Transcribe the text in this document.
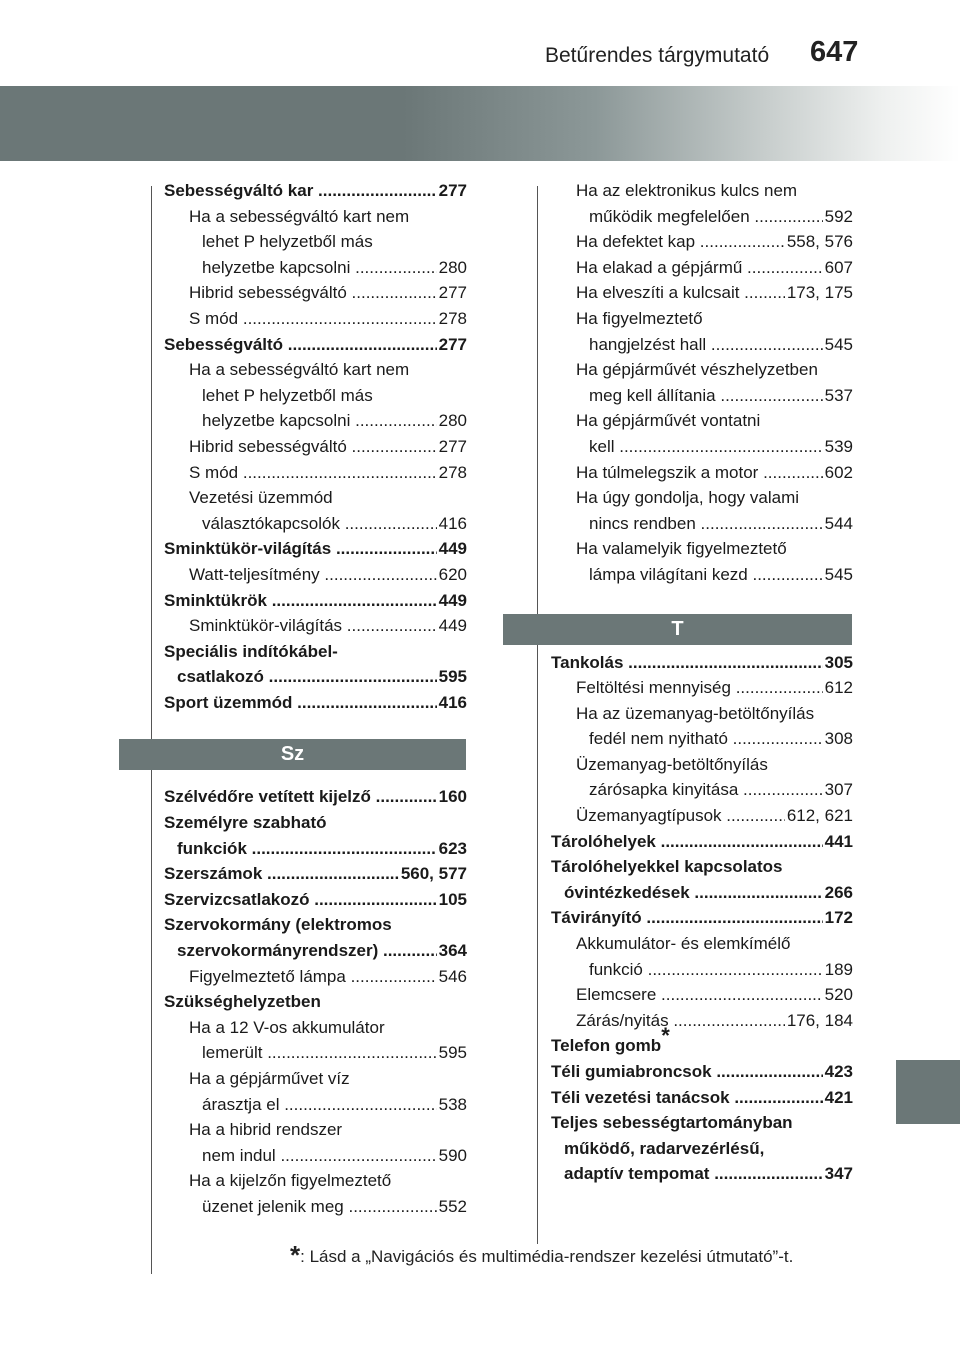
Betűrendes tárgymutató 647
Sebességváltó kar .....	277
Ha a sebességváltó kart nem
lehet P helyzetből más
helyzetbe kapcsolni .....	280
Hibrid sebességváltó .....	277
S mód .....	278
Sebességváltó .....	277
Ha a sebességváltó kart nem
lehet P helyzetből más
helyzetbe kapcsolni .....	280
Hibrid sebességváltó .....	277
S mód .....	278
Vezetési üzemmód
választókapcsolók .....	416
Sminktükör-világítás .....	449
Watt-teljesítmény .....	620
Sminktükrök .....	449
Sminktükör-világítás .....	449
Speciális indítókábel-
csatlakozó .....	595
Sport üzemmód .....	416
Sz
Szélvédőre vetített kijelző .....	160
Személyre szabható
funkciók .....	623
Szerszámok .....	560, 577
Szervizcsatlakozó .....	105
Szervokormány (elektromos
szervokormányrendszer) .....	364
Figyelmeztető lámpa .....	546
Szükséghelyzetben
Ha a 12 V-os akkumulátor
lemerült .....	595
Ha a gépjárművet víz
árasztja el .....	538
Ha a hibrid rendszer
nem indul .....	590
Ha a kijelzőn figyelmeztető
üzenet jelenik meg .....	552
Ha az elektronikus kulcs nem
működik megfelelően .....	592
Ha defektet kap .....	558, 576
Ha elakad a gépjármű .....	607
Ha elveszíti a kulcsait .....	173, 175
Ha figyelmeztető
hangjelzést hall .....	545
Ha gépjárművét vészhelyzetben
meg kell állítania .....	537
Ha gépjárművét vontatni
kell .....	539
Ha túlmelegszik a motor .....	602
Ha úgy gondolja, hogy valami
nincs rendben .....	544
Ha valamelyik figyelmeztető
lámpa világítani kezd .....	545
T
Tankolás .....	305
Feltöltési mennyiség .....	612
Ha az üzemanyag-betöltőnyílás
fedél nem nyitható .....	308
Üzemanyag-betöltőnyílás
zárósapka kinyitása .....	307
Üzemanyagtípusok .....	612, 621
Tárolóhelyek .....	441
Tárolóhelyekkel kapcsolatos
óvintézkedések .....	266
Távirányító .....	172
Akkumulátor- és elemkímélő
funkció .....	189
Elemcsere .....	520
Zárás/nyitás .....	176, 184
Telefon gomb*
Téli gumiabroncsok .....	423
Téli vezetési tanácsok .....	421
Teljes sebességtartományban
működő, radarvezérlésű,
adaptív tempomat .....	347
*: Lásd a „Navigációs és multimédia-rendszer kezelési útmutató”-t.
